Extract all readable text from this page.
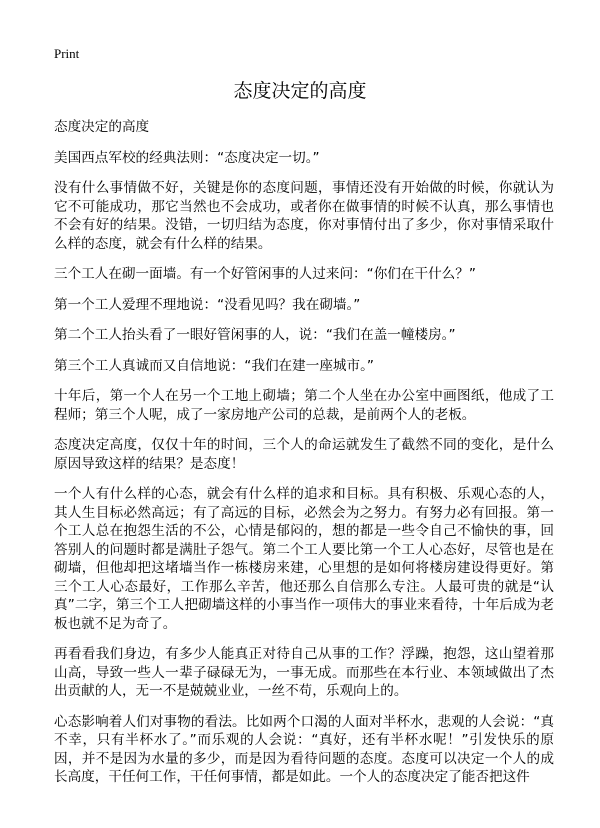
Print
态度决定的高度

态度决定的高度

美国西点军校的经典法则：“态度决定一切。”

没有什么事情做不好，关键是你的态度问题，事情还没有开始做的时候，你就认为它不可能成功，那它当然也不会成功，或者你在做事情的时候不认真，那么事情也不会有好的结果。没错，一切归结为态度，你对事情付出了多少，你对事情采取什么样的态度，就会有什么样的结果。

三个工人在砌一面墙。有一个好管闲事的人过来问：“你们在干什么？”

第一个工人爱理不理地说：“没看见吗？我在砌墙。”

第二个工人抬头看了一眼好管闲事的人，说：“我们在盖一幢楼房。”

第三个工人真诚而又自信地说：“我们在建一座城市。”

十年后，第一个人在另一个工地上砌墙；第二个人坐在办公室中画图纸，他成了工程师；第三个人呢，成了一家房地产公司的总裁，是前两个人的老板。

态度决定高度，仅仅十年的时间，三个人的命运就发生了截然不同的变化，是什么原因导致这样的结果？是态度！

一个人有什么样的心态，就会有什么样的追求和目标。具有积极、乐观心态的人，其人生目标必然高远；有了高远的目标，必然会为之努力。有努力必有回报。第一个工人总在抱怨生活的不公，心情是郁闷的，想的都是一些令自己不愉快的事，回答别人的问题时都是满肚子怨气。第二个工人要比第一个工人心态好，尽管也是在砌墙，但他却把这堵墙当作一栋楼房来建，心里想的是如何将楼房建设得更好。第三个工人心态最好，工作那么辛苦，他还那么自信那么专注。人最可贵的就是“认真”二字，第三个工人把砌墙这样的小事当作一项伟大的事业来看待，十年后成为老板也就不足为奇了。

再看看我们身边，有多少人能真正对待自己从事的工作？浮躁，抱怨，这山望着那山高，导致一些人一辈子碌碌无为，一事无成。而那些在本行业、本领域做出了杰出贡献的人，无一不是兢兢业业，一丝不苟，乐观向上的。

心态影响着人们对事物的看法。比如两个口渴的人面对半杯水，悲观的人会说：“真不幸，只有半杯水了。”而乐观的人会说：“真好，还有半杯水呢！”引发快乐的原因，并不是因为水量的多少，而是因为看待问题的态度。态度可以决定一个人的成长高度，干任何工作，干任何事情，都是如此。一个人的态度决定了能否把这件
